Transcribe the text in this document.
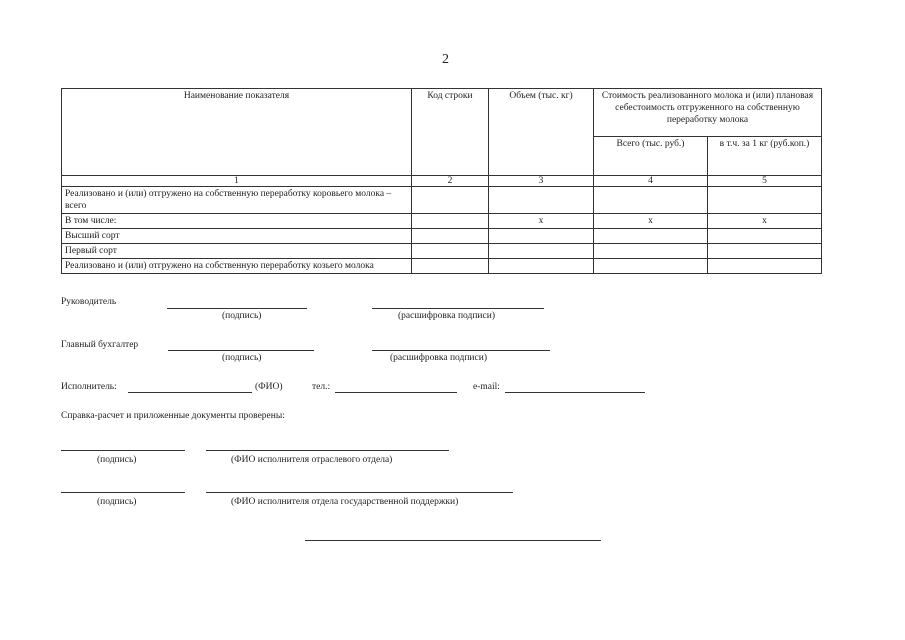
2
Наименование показателя	Код строки	Объем (тыс. кг)	Стоимость реализованного молока и (или) плановая себестоимость отгруженного на собственную переработку молока	
			Всего (тыс. руб.)	в т.ч. за 1 кг (руб.коп.)
1	2	3	4	5
Реализовано и (или) отгружено на собственную переработку коровьего молока – всего				
В том числе:		x	x	x
Высший сорт				
Первый сорт				
Реализовано и (или) отгружено на собственную переработку козьего молока				
Руководитель
(подпись)	(расшифровка подписи)
Главный бухгалтер
(подпись)	(расшифровка подписи)
Исполнитель:	(ФИО)	тел.:	e-mail:
Справка-расчет и приложенные документы проверены:
(подпись)	(ФИО исполнителя отраслевого отдела)
(подпись)	(ФИО исполнителя отдела государственной поддержки)
